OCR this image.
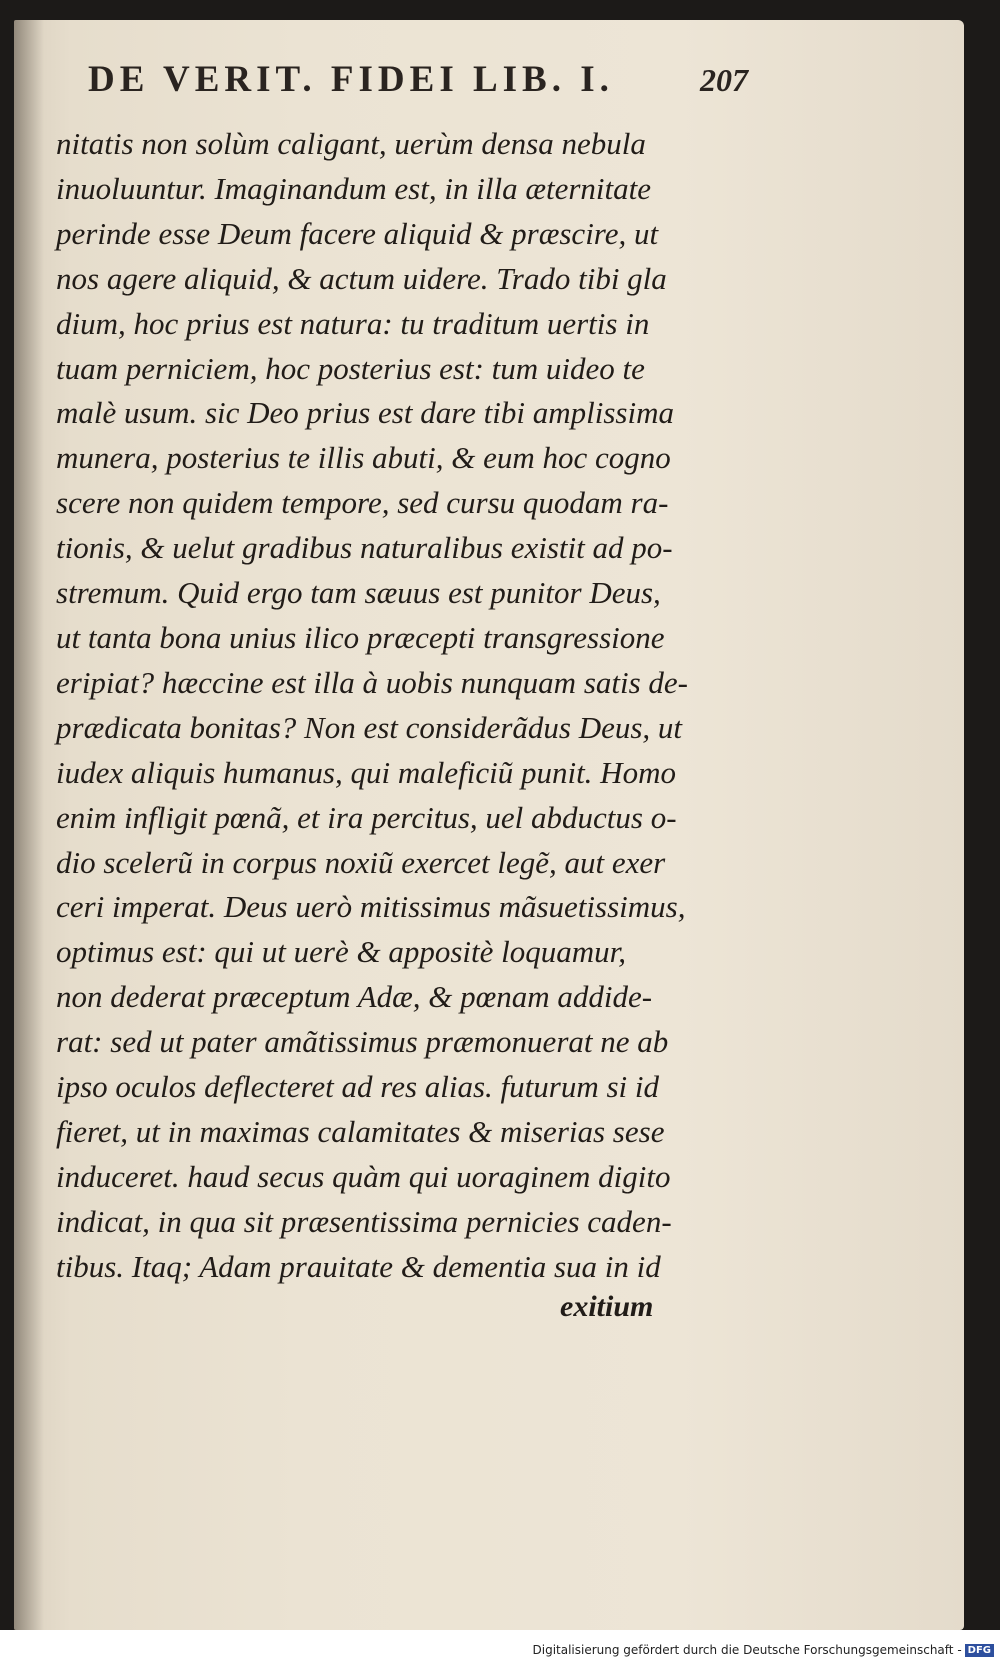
DE VERIT. FIDEI LIB. I.	207
nitatis non solùm caligant, uerùm densa nebula
inuoluuntur. Imaginandum est, in illa æternitate
perinde esse Deum facere aliquid & præscire, ut
nos agere aliquid, & actum uidere. Trado tibi gla
dium, hoc prius est natura: tu traditum uertis in
tuam perniciem, hoc posterius est: tum uideo te
malè usum. sic Deo prius est dare tibi amplissima
munera, posterius te illis abuti, & eum hoc cogno
scere non quidem tempore, sed cursu quodam ra-
tionis, & uelut gradibus naturalibus existit ad po-
stremum. Quid ergo tam sæuus est punitor Deus,
ut tanta bona unius ilico præcepti transgressione
eripiat? hæccine est illa à uobis nunquam satis de-
prædicata bonitas? Non est considerãdus Deus, ut
iudex aliquis humanus, qui maleficiũ punit. Homo
enim infligit pœnã, et ira percitus, uel abductus o-
dio scelerũ in corpus noxiũ exercet legẽ, aut exer
ceri imperat. Deus uerò mitissimus mãsuetissimus,
optimus est: qui ut uerè & appositè loquamur,
non dederat præceptum Adæ, & pœnam addide-
rat: sed ut pater amãtissimus præmonuerat ne ab
ipso oculos deflecteret ad res alias. futurum si id
fieret, ut in maximas calamitates & miserias sese
induceret. haud secus quàm qui uoraginem digito
indicat, in qua sit præsentissima pernicies caden-
tibus. Itaq; Adam prauitate & dementia sua in id
exitium
Digitalisierung gefördert durch die Deutsche Forschungsgemeinschaft - DFG
